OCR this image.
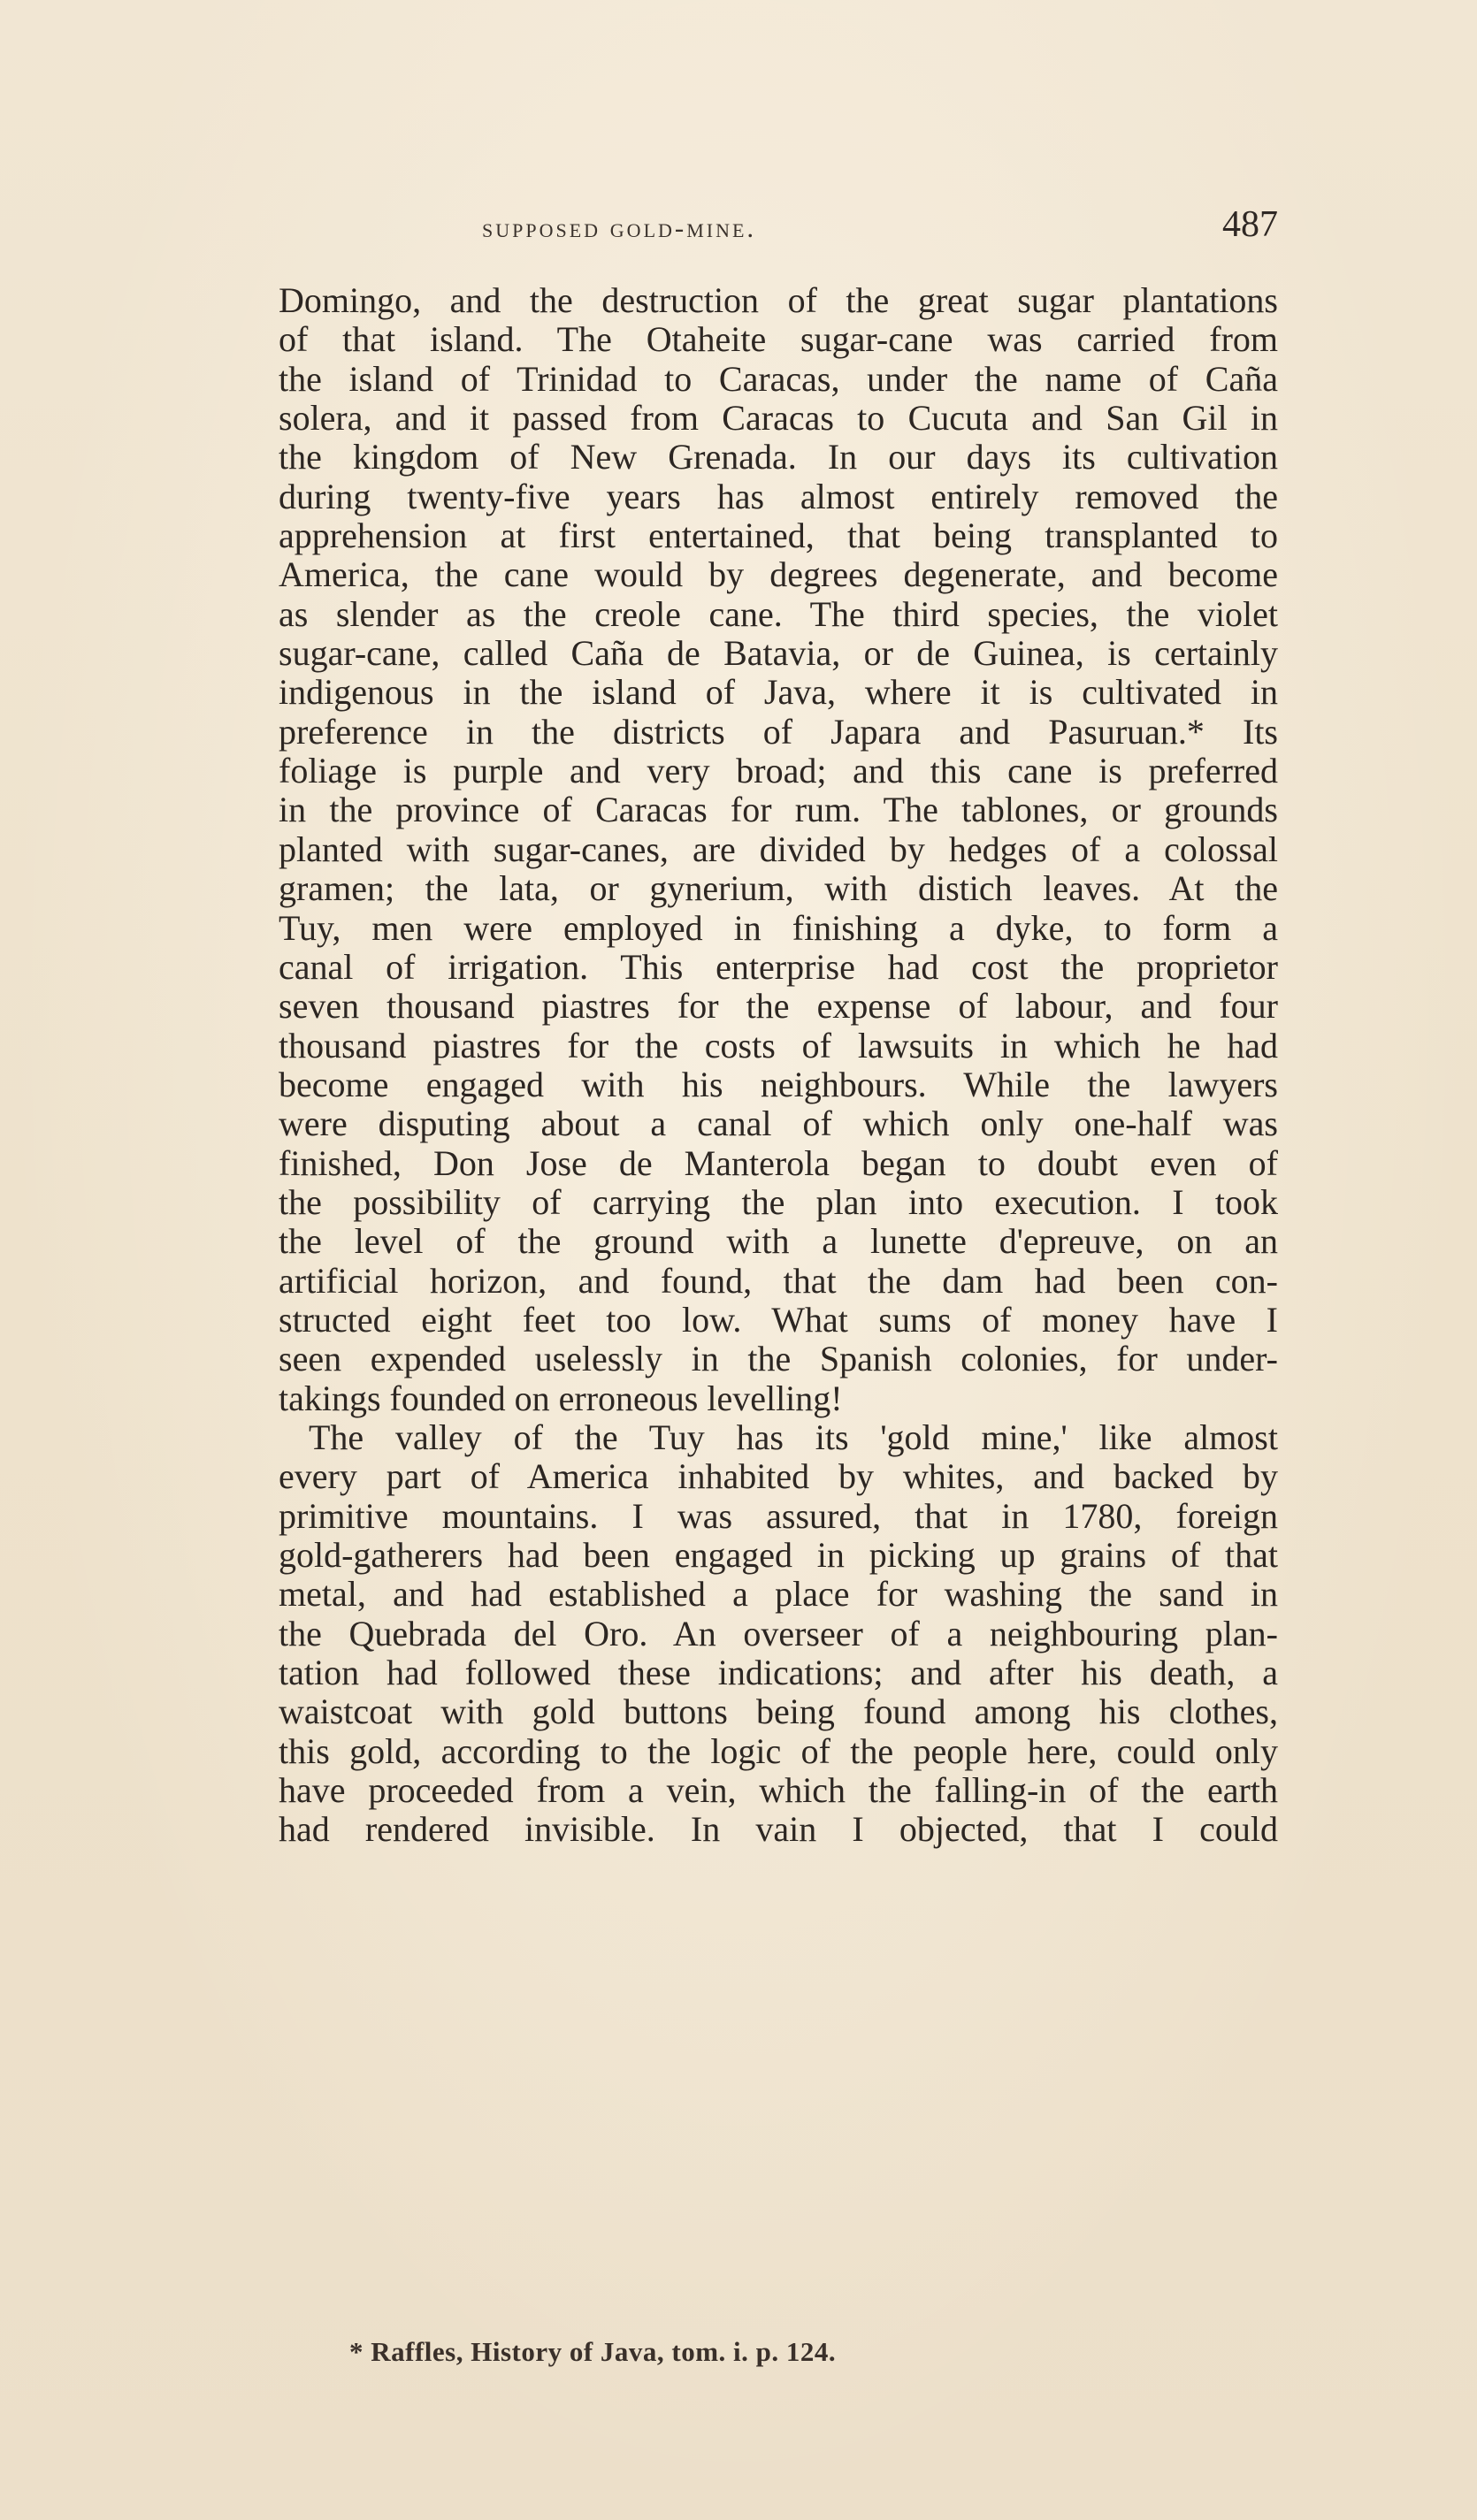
supposed gold-mine.	487
Domingo, and the destruction of the great sugar plantations
of that island. The Otaheite sugar-cane was carried from
the island of Trinidad to Caracas, under the name of Caña
solera, and it passed from Caracas to Cucuta and San Gil in
the kingdom of New Grenada. In our days its cultivation
during twenty-five years has almost entirely removed the
apprehension at first entertained, that being transplanted to
America, the cane would by degrees degenerate, and become
as slender as the creole cane. The third species, the violet
sugar-cane, called Caña de Batavia, or de Guinea, is certainly
indigenous in the island of Java, where it is cultivated in
preference in the districts of Japara and Pasuruan.* Its
foliage is purple and very broad; and this cane is preferred
in the province of Caracas for rum. The tablones, or grounds
planted with sugar-canes, are divided by hedges of a colossal
gramen; the lata, or gynerium, with distich leaves. At the
Tuy, men were employed in finishing a dyke, to form a
canal of irrigation. This enterprise had cost the proprietor
seven thousand piastres for the expense of labour, and four
thousand piastres for the costs of lawsuits in which he had
become engaged with his neighbours. While the lawyers
were disputing about a canal of which only one-half was
finished, Don Jose de Manterola began to doubt even of
the possibility of carrying the plan into execution. I took
the level of the ground with a lunette d'epreuve, on an
artificial horizon, and found, that the dam had been con-
structed eight feet too low. What sums of money have I
seen expended uselessly in the Spanish colonies, for under-
takings founded on erroneous levelling!
The valley of the Tuy has its 'gold mine,' like almost
every part of America inhabited by whites, and backed by
primitive mountains. I was assured, that in 1780, foreign
gold-gatherers had been engaged in picking up grains of that
metal, and had established a place for washing the sand in
the Quebrada del Oro. An overseer of a neighbouring plan-
tation had followed these indications; and after his death, a
waistcoat with gold buttons being found among his clothes,
this gold, according to the logic of the people here, could only
have proceeded from a vein, which the falling-in of the earth
had rendered invisible. In vain I objected, that I could
* Raffles, History of Java, tom. i. p. 124.
